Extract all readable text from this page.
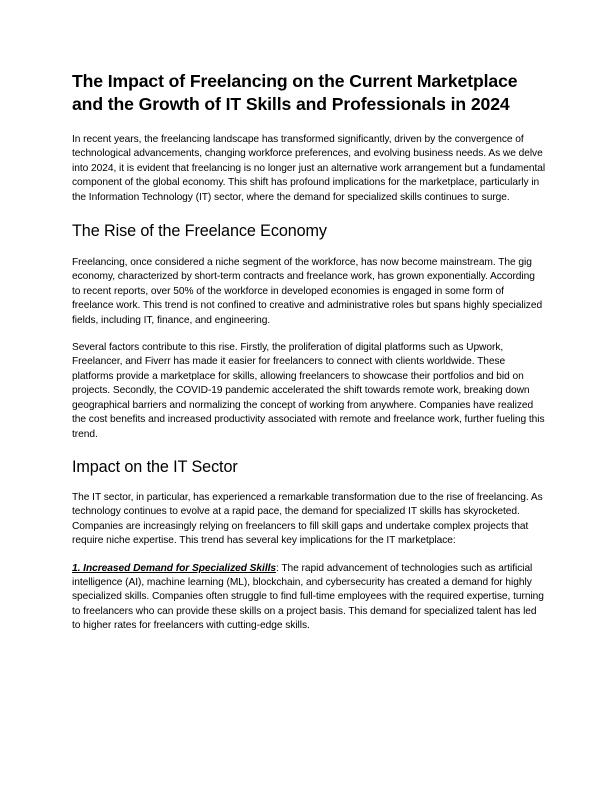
The Impact of Freelancing on the Current Marketplace and the Growth of IT Skills and Professionals in 2024

In recent years, the freelancing landscape has transformed significantly, driven by the convergence of technological advancements, changing workforce preferences, and evolving business needs. As we delve into 2024, it is evident that freelancing is no longer just an alternative work arrangement but a fundamental component of the global economy. This shift has profound implications for the marketplace, particularly in the Information Technology (IT) sector, where the demand for specialized skills continues to surge.

The Rise of the Freelance Economy

Freelancing, once considered a niche segment of the workforce, has now become mainstream. The gig economy, characterized by short-term contracts and freelance work, has grown exponentially. According to recent reports, over 50% of the workforce in developed economies is engaged in some form of freelance work. This trend is not confined to creative and administrative roles but spans highly specialized fields, including IT, finance, and engineering.

Several factors contribute to this rise. Firstly, the proliferation of digital platforms such as Upwork, Freelancer, and Fiverr has made it easier for freelancers to connect with clients worldwide. These platforms provide a marketplace for skills, allowing freelancers to showcase their portfolios and bid on projects. Secondly, the COVID-19 pandemic accelerated the shift towards remote work, breaking down geographical barriers and normalizing the concept of working from anywhere. Companies have realized the cost benefits and increased productivity associated with remote and freelance work, further fueling this trend.

Impact on the IT Sector

The IT sector, in particular, has experienced a remarkable transformation due to the rise of freelancing. As technology continues to evolve at a rapid pace, the demand for specialized IT skills has skyrocketed. Companies are increasingly relying on freelancers to fill skill gaps and undertake complex projects that require niche expertise. This trend has several key implications for the IT marketplace:

1. Increased Demand for Specialized Skills: The rapid advancement of technologies such as artificial intelligence (AI), machine learning (ML), blockchain, and cybersecurity has created a demand for highly specialized skills. Companies often struggle to find full-time employees with the required expertise, turning to freelancers who can provide these skills on a project basis. This demand for specialized talent has led to higher rates for freelancers with cutting-edge skills.
